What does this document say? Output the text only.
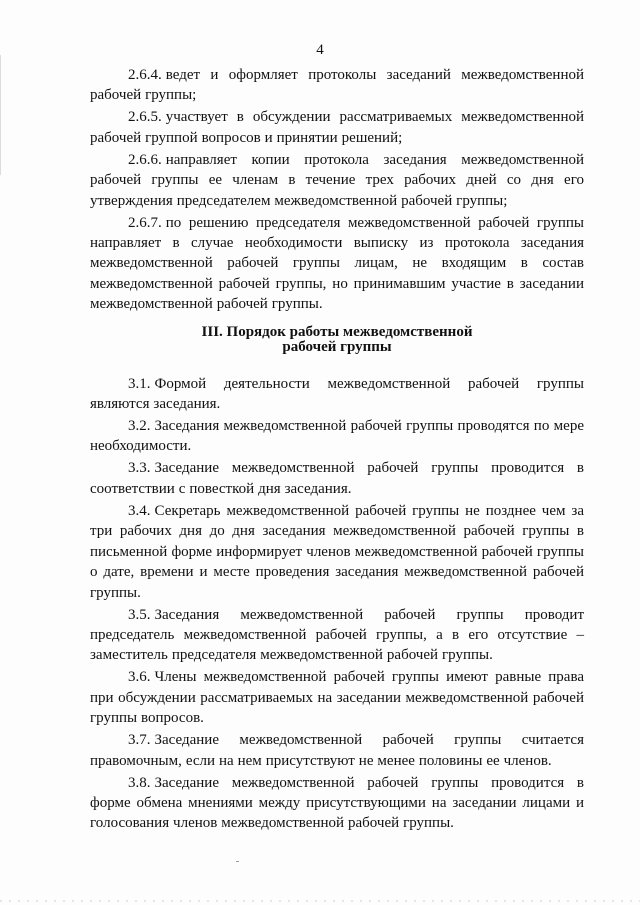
4

2.6.4. ведет и оформляет протоколы заседаний межведомственной рабочей группы;

2.6.5. участвует в обсуждении рассматриваемых межведомственной рабочей группой вопросов и принятии решений;

2.6.6. направляет копии протокола заседания межведомственной рабочей группы ее членам в течение трех рабочих дней со дня его утверждения председателем межведомственной рабочей группы;

2.6.7. по решению председателя межведомственной рабочей группы направляет в случае необходимости выписку из протокола заседания межведомственной рабочей группы лицам, не входящим в состав межведомственной рабочей группы, но принимавшим участие в заседании межведомственной рабочей группы.

III. Порядок работы межведомственной
рабочей группы

3.1. Формой деятельности межведомственной рабочей группы являются заседания.

3.2. Заседания межведомственной рабочей группы проводятся по мере необходимости.

3.3. Заседание межведомственной рабочей группы проводится в соответствии с повесткой дня заседания.

3.4. Секретарь межведомственной рабочей группы не позднее чем за три рабочих дня до дня заседания межведомственной рабочей группы в письменной форме информирует членов межведомственной рабочей группы о дате, времени и месте проведения заседания межведомственной рабочей группы.

3.5. Заседания межведомственной рабочей группы проводит председатель межведомственной рабочей группы, а в его отсутствие – заместитель председателя межведомственной рабочей группы.

3.6. Члены межведомственной рабочей группы имеют равные права при обсуждении рассматриваемых на заседании межведомственной рабочей группы вопросов.

3.7. Заседание межведомственной рабочей группы считается правомочным, если на нем присутствуют не менее половины ее членов.

3.8. Заседание межведомственной рабочей группы проводится в форме обмена мнениями между присутствующими на заседании лицами и голосования членов межведомственной рабочей группы.
